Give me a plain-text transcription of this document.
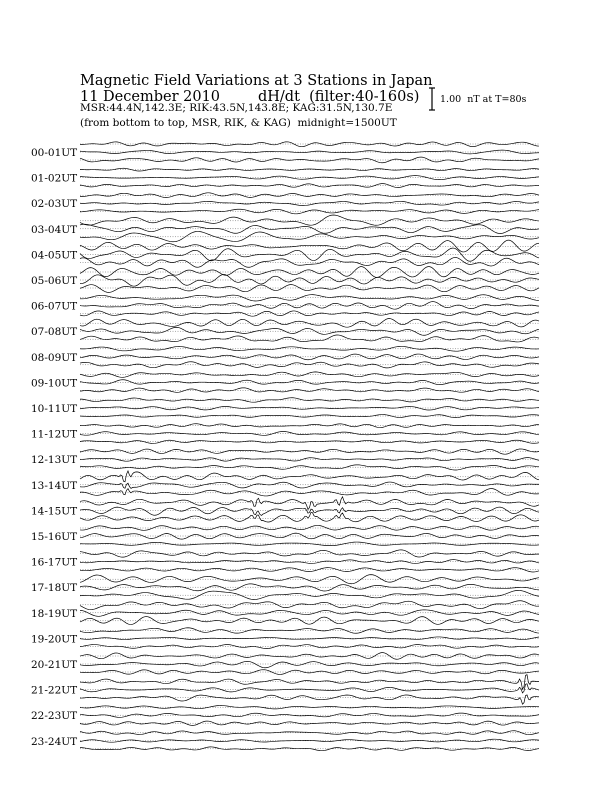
Magnetic Field Variations at 3 Stations in Japan
11 December 2010	dH/dt  (filter:40-160s)
MSR:44.4N,142.3E; RIK:43.5N,143.8E; KAG:31.5N,130.7E
(from bottom to top, MSR, RIK, & KAG)  midnight=1500UT
1.00  nT at T=80s
00-01UT
01-02UT
02-03UT
03-04UT
04-05UT
05-06UT
06-07UT
07-08UT
08-09UT
09-10UT
10-11UT
11-12UT
12-13UT
13-14UT
14-15UT
15-16UT
16-17UT
17-18UT
18-19UT
19-20UT
20-21UT
21-22UT
22-23UT
23-24UT
